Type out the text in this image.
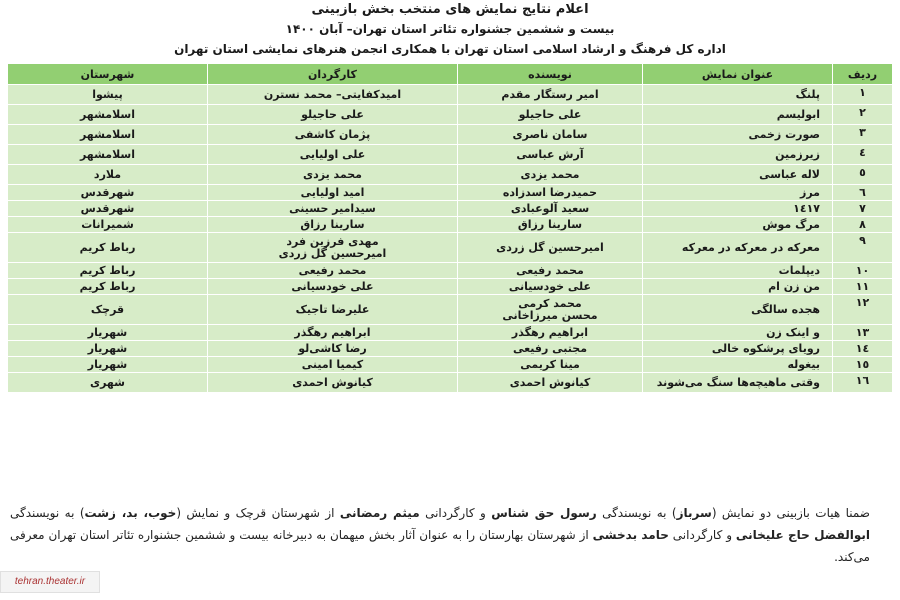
اعلام نتایج نمایش های منتخب بخش بازبینی
بیست و ششمین جشنواره تئاتر استان تهران– آبان ۱۴۰۰
اداره کل فرهنگ و ارشاد اسلامی استان تهران با همکاری انجمن هنرهای نمایشی استان تهران
ردیف	عنوان نمایش	نویسنده	کارگردان	شهرستان

۱	پلنگ	امیر رستگار مقدم	امیدکفایتی– محمد نسترن	پیشوا

۲	ابولیسم	علی حاجیلو	علی حاجیلو	اسلامشهر

۳	صورت زخمی	سامان ناصری	پژمان کاشفی	اسلامشهر

٤	زیرزمین	آرش عباسی	علی اولیایی	اسلامشهر

٥	لاله عباسی	محمد یزدی	محمد یزدی	ملارد

٦	مرز	حمیدرضا اسدزاده	امید اولیایی	شهرقدس

٧	١٤١٧	سعید آلوعبادی	سیدامیر حسینی	شهرقدس

٨	مرگ موش	سارینا رزاق	سارینا رزاق	شمیرانات

٩	معرکه در معرکه در معرکه	امیرحسین گل زردی	مهدی فرزین فرد
امیرحسین گل زردی	رباط کریم

١٠	دیپلمات	محمد رفیعی	محمد رفیعی	رباط کریم

١١	من زن ام	علی خودسیانی	علی خودسیانی	رباط کریم

١٢	هجده سالگی	محمد کرمی
محسن میرزاخانی	علیرضا تاجیک	قرچک

١٣	و اینک زن	ابراهیم رهگذر	ابراهیم رهگذر	شهریار

١٤	رویای پرشکوه خالی	مجتبی رفیعی	رضا کاشی‌لو	شهریار

١٥	بیغوله	مینا کریمی	کیمیا امینی	شهریار

١٦	وقتی ماهیچه‌ها سنگ می‌شوند	کیانوش احمدی	کیانوش احمدی	شهری
ضمنا هیات بازبینی دو نمایش (سرباز) به نویسندگی رسول حق شناس و کارگردانی میثم رمضانی از شهرستان قرچک و نمایش (خوب، بد، زشت) به نویسندگی ابوالفضل حاج علیخانی و کارگردانی حامد بدخشی از شهرستان بهارستان را به عنوان آثار بخش میهمان به دبیرخانه بیست و ششمین جشنواره تئاتر استان تهران معرفی می‌کند.
tehran.theater.ir
